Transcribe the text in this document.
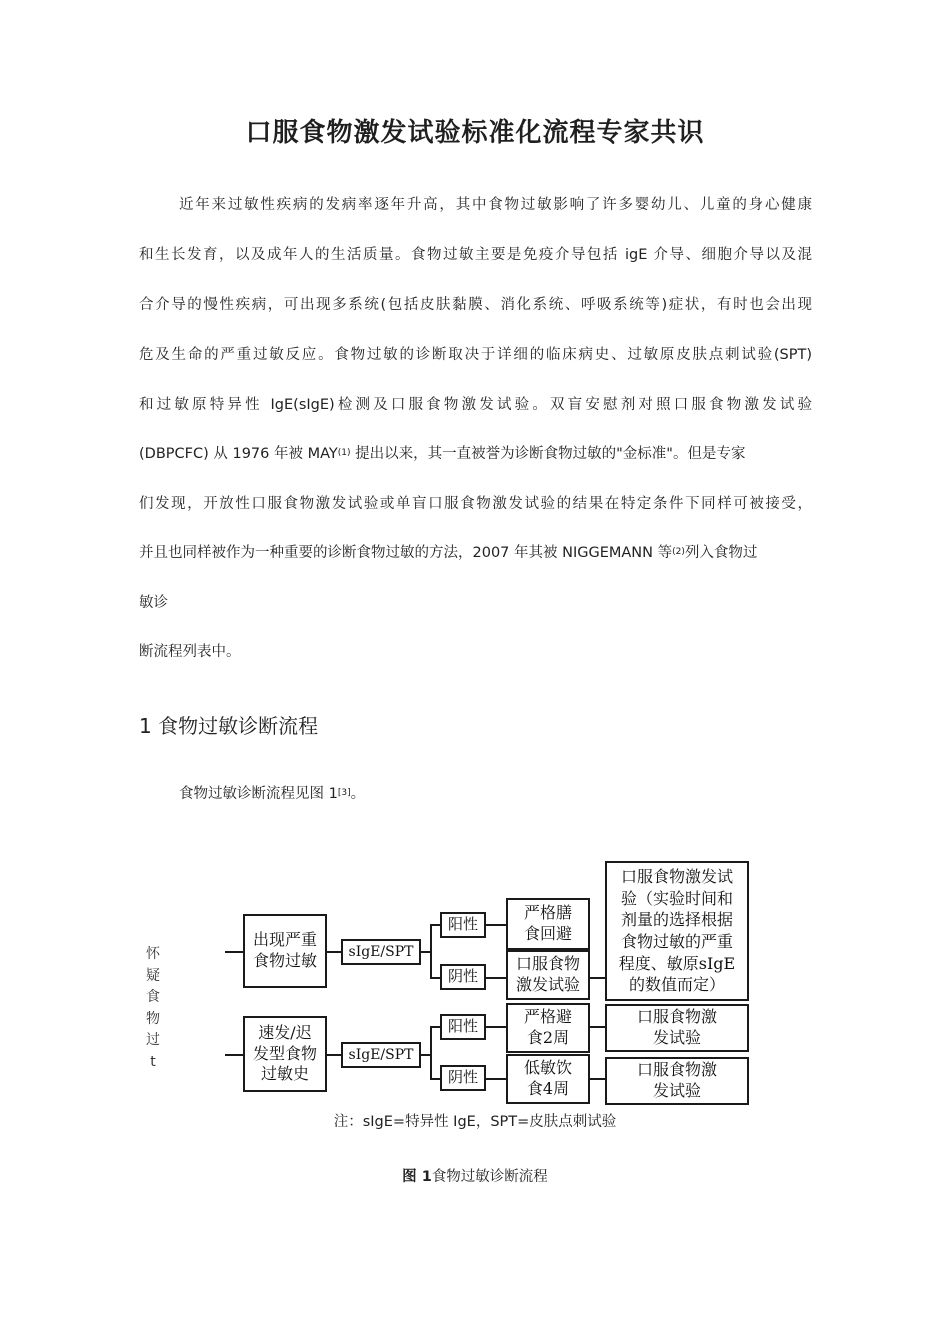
口服食物激发试验标准化流程专家共识
近年来过敏性疾病的发病率逐年升高，其中食物过敏影响了许多婴幼儿、儿童的身心健康
和生长发育，以及成年人的生活质量。食物过敏主要是免疫介导包括 igE 介导、细胞介导以及混
合介导的慢性疾病，可出现多系统(包括皮肤黏膜、消化系统、呼吸系统等)症状，有时也会出现
危及生命的严重过敏反应。食物过敏的诊断取决于详细的临床病史、过敏原皮肤点刺试验(SPT)
和过敏原特异性 IgE(sIgE)检测及口服食物激发试验。双盲安慰剂对照口服食物激发试验
(DBPCFC) 从 1976 年被 MAY$^{(1)}$ 提出以来，其一直被誉为诊断食物过敏的"金标准"。但是专家
们发现，开放性口服食物激发试验或单盲口服食物激发试验的结果在特定条件下同样可被接受，
并且也同样被作为一种重要的诊断食物过敏的方法，2007 年其被 NIGGEMANN 等$^{(2)}$列入食物过
敏诊
断流程列表中。
1 食物过敏诊断流程
食物过敏诊断流程见图 1[3]。
怀
疑
食
物
过
t
出现严重食物过敏	sIgE/SPT
阳性
阴性
严格膳食回避
口服食物激发试验
口服食物激发试验（实验时间和剂量的选择根据食物过敏的严重程度、敏原sIgE的数值而定）
速发/迟发型食物过敏史
sIgE/SPT
阳性
阴性
严格避食2周
低敏饮食4周
口服食物激发试验
口服食物激发试验
注：sIgE=特异性 IgE，SPT=皮肤点刺试验
图 1食物过敏诊断流程
